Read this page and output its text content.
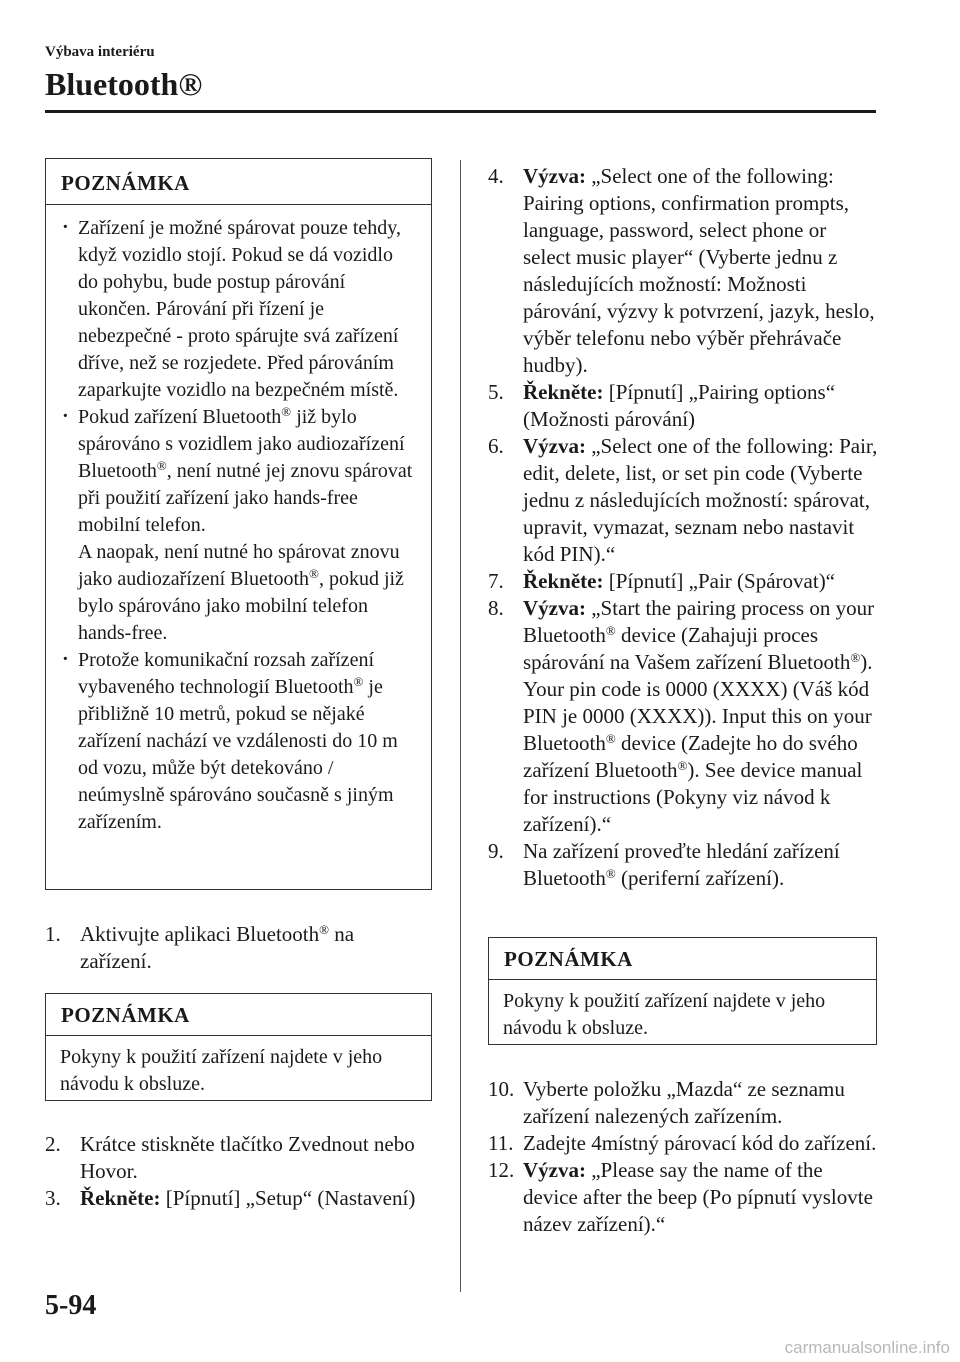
Výbava interiéru
Bluetooth®
POZNÁMKA
· Zařízení je možné spárovat pouze tehdy, když vozidlo stojí. Pokud se dá vozidlo do pohybu, bude postup párování ukončen. Párování při řízení je nebezpečné - proto spárujte svá zařízení dříve, než se rozjedete. Před párováním zaparkujte vozidlo na bezpečném místě.
· Pokud zařízení Bluetooth® již bylo spárováno s vozidlem jako audiozařízení Bluetooth®, není nutné jej znovu spárovat při použití zařízení jako hands-free mobilní telefon.
A naopak, není nutné ho spárovat znovu jako audiozařízení Bluetooth®, pokud již bylo spárováno jako mobilní telefon hands-free.
· Protože komunikační rozsah zařízení vybaveného technologií Bluetooth® je přibližně 10 metrů, pokud se nějaké zařízení nachází ve vzdálenosti do 10 m od vozu, může být detekováno / neúmyslně spárováno současně s jiným zařízením.
1. Aktivujte aplikaci Bluetooth® na zařízení.
POZNÁMKA
Pokyny k použití zařízení najdete v jeho návodu k obsluze.
2. Krátce stiskněte tlačítko Zvednout nebo Hovor.
3. Řekněte: [Pípnutí] „Setup“ (Nastavení)
4. Výzva: „Select one of the following: Pairing options, confirmation prompts, language, password, select phone or select music player“ (Vyberte jednu z následujících možností: Možnosti párování, výzvy k potvrzení, jazyk, heslo, výběr telefonu nebo výběr přehrávače hudby).
5. Řekněte: [Pípnutí] „Pairing options“ (Možnosti párování)
6. Výzva: „Select one of the following: Pair, edit, delete, list, or set pin code (Vyberte jednu z následujících možností: spárovat, upravit, vymazat, seznam nebo nastavit kód PIN).“
7. Řekněte: [Pípnutí] „Pair (Spárovat)“
8. Výzva: „Start the pairing process on your Bluetooth® device (Zahajuji proces spárování na Vašem zařízení Bluetooth®). Your pin code is 0000 (XXXX) (Váš kód PIN je 0000 (XXXX)). Input this on your Bluetooth® device (Zadejte ho do svého zařízení Bluetooth®). See device manual for instructions (Pokyny viz návod k zařízení).“
9. Na zařízení proveďte hledání zařízení Bluetooth® (periferní zařízení).
POZNÁMKA
Pokyny k použití zařízení najdete v jeho návodu k obsluze.
10. Vyberte položku „Mazda“ ze seznamu zařízení nalezených zařízením.
11. Zadejte 4místný párovací kód do zařízení.
12. Výzva: „Please say the name of the device after the beep (Po pípnutí vyslovte název zařízení).“
5-94
carmanualsonline.info
